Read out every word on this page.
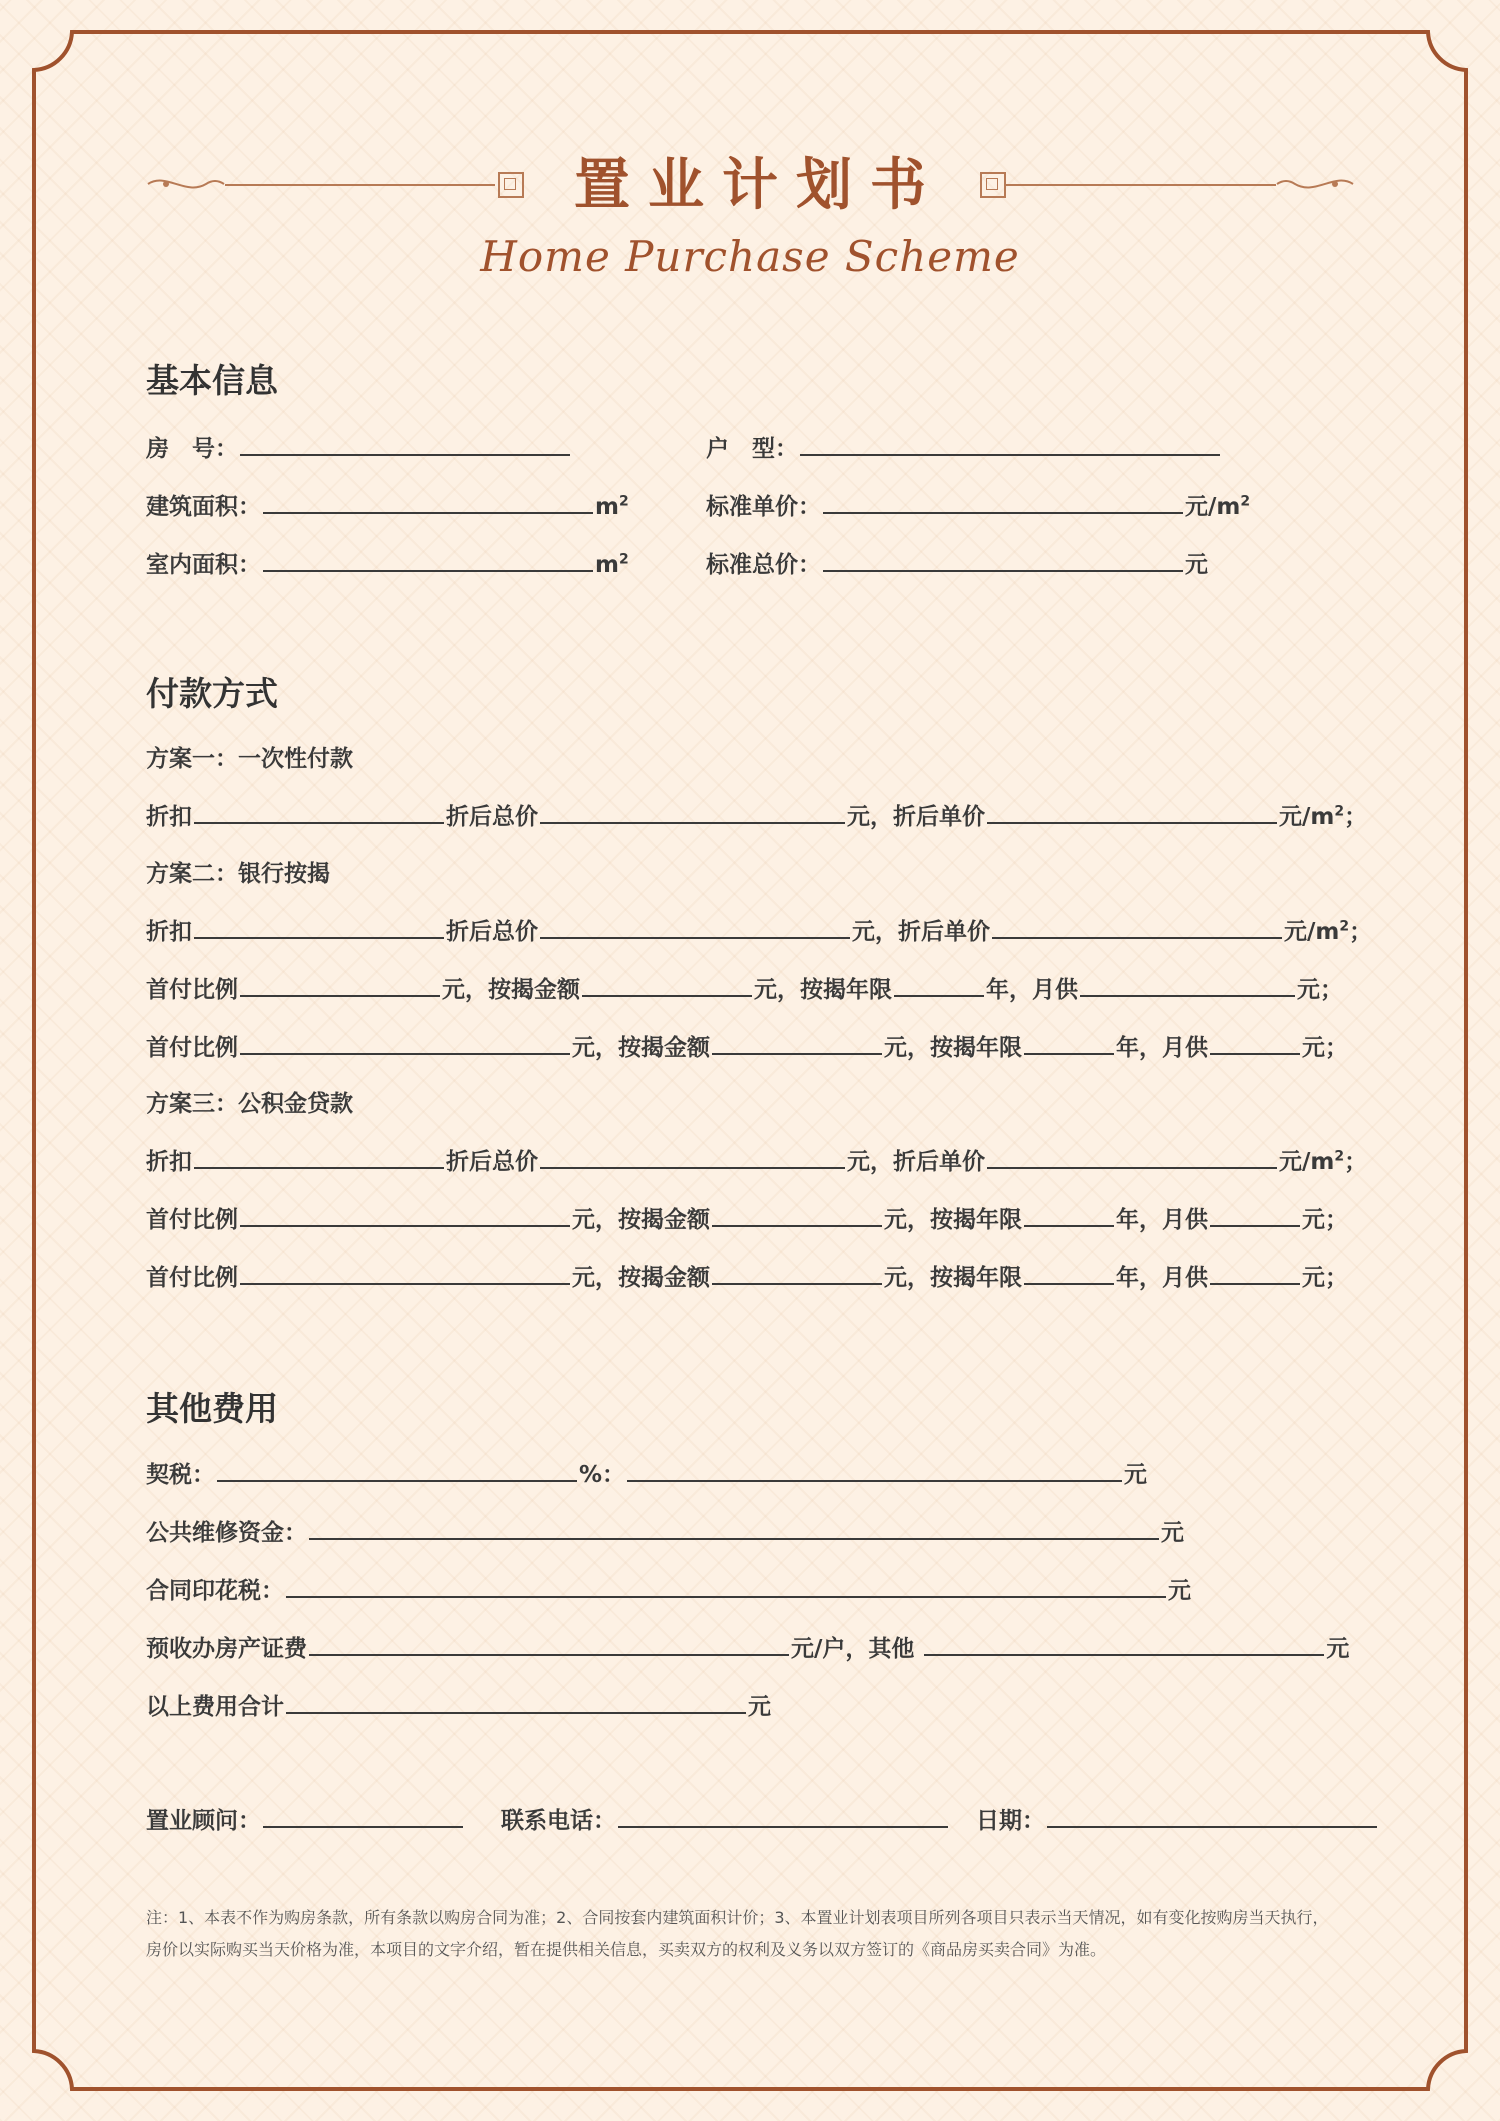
置业计划书
Home Purchase Scheme
基本信息
房　号：	户　型：
建筑面积：	$m^2$	标准单价：	元$/m^2$
室内面积：	$m^2$	标准总价：	元
付款方式
方案一：一次性付款
折扣	折后总价	元，折后单价	元$/m^2$；
方案二：银行按揭
折扣	折后总价	元，折后单价	元$/m^2$；
首付比例	元，按揭金额	元，按揭年限	年，月供	元；
首付比例	元，按揭金额	元，按揭年限	年，月供	元；
方案三：公积金贷款
折扣	折后总价	元，折后单价	元$/m^2$；
首付比例	元，按揭金额	元，按揭年限	年，月供	元；
首付比例	元，按揭金额	元，按揭年限	年，月供	元；
其他费用
契税：	%：	元
公共维修资金：	元
合同印花税：	元
预收办房产证费	元/户，其他	元
以上费用合计	元
置业顾问：	联系电话：	日期：
注：1、本表不作为购房条款，所有条款以购房合同为准；2、合同按套内建筑面积计价；3、本置业计划表项目所列各项目只表示当天情况，如有变化按购房当天执行，
房价以实际购买当天价格为准，本项目的文字介绍，暂在提供相关信息，买卖双方的权利及义务以双方签订的《商品房买卖合同》为准。
